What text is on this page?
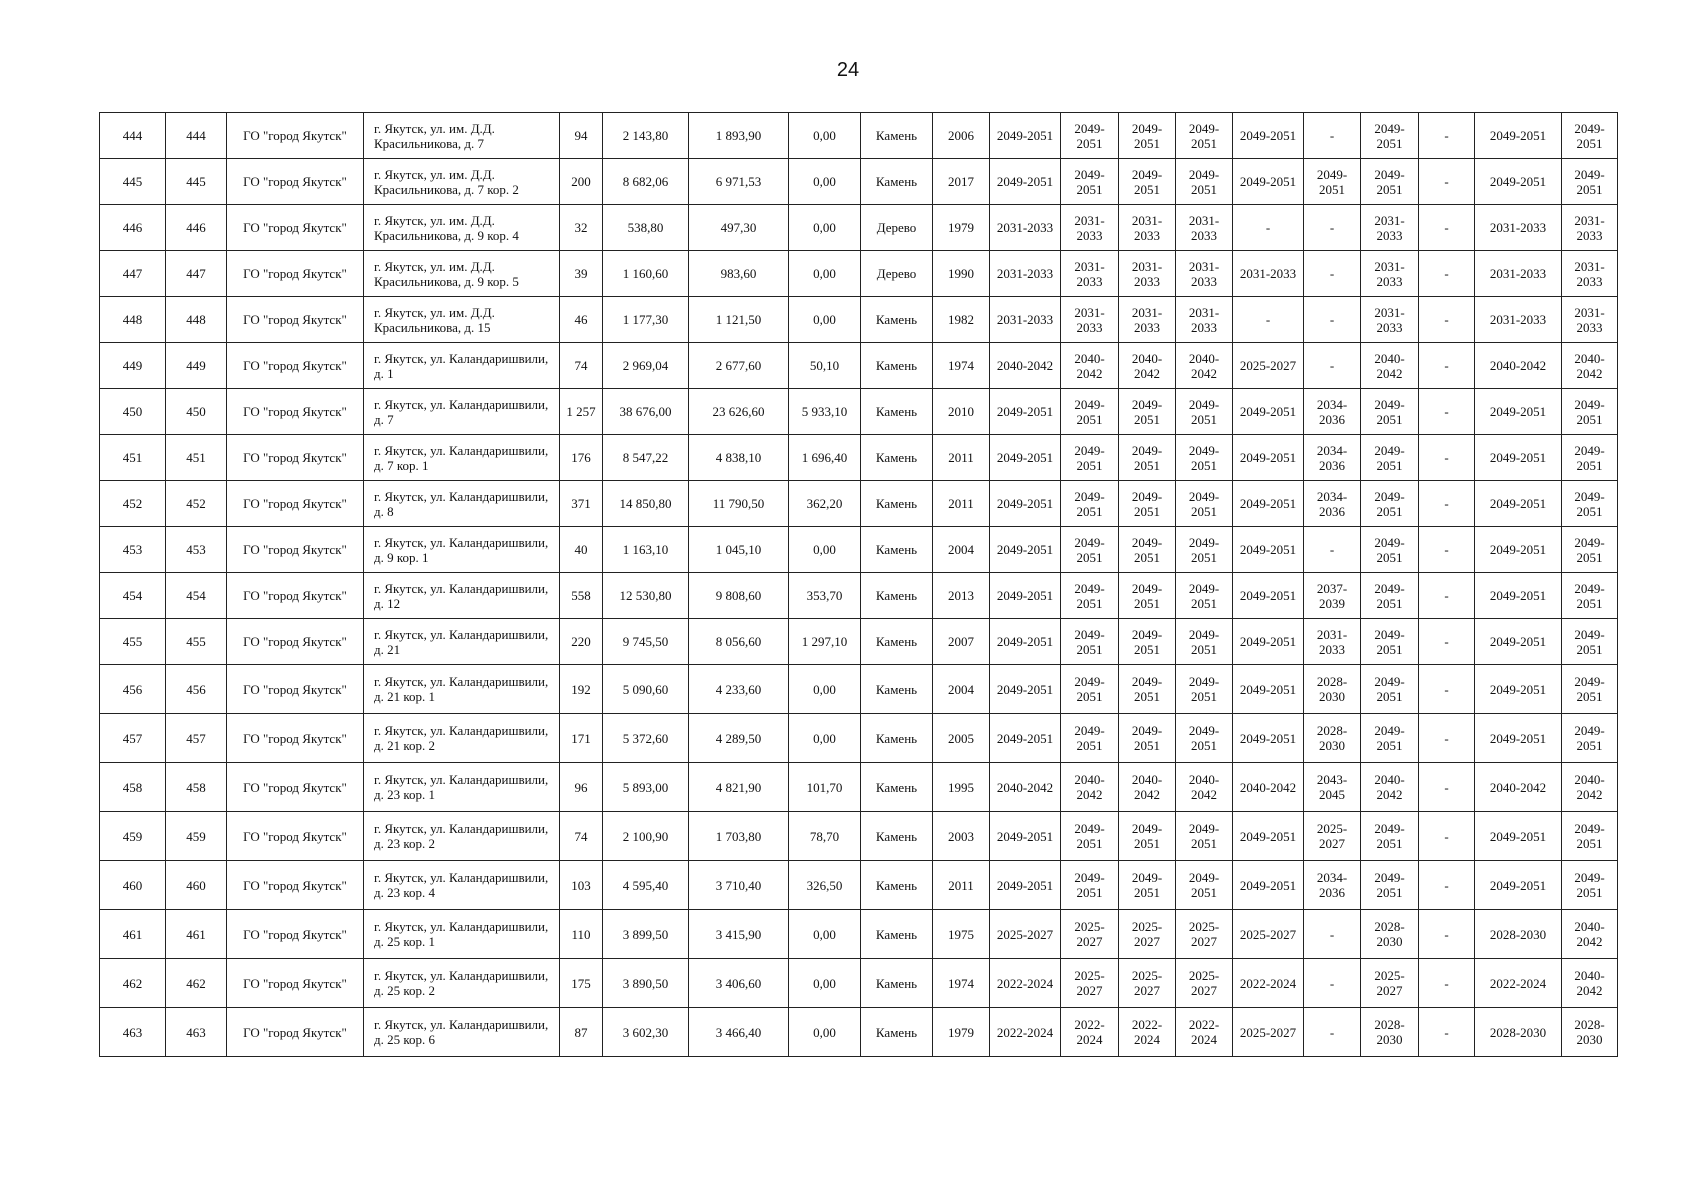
24
444	444	ГО "город Якутск"	г. Якутск, ул. им. Д.Д. Красильникова, д. 7	94	2 143,80	1 893,90	0,00	Камень	2006	2049-2051	2049-2051	2049-2051	2049-2051	2049-2051	-	2049-2051	-	2049-2051	2049-2051
445	445	ГО "город Якутск"	г. Якутск, ул. им. Д.Д. Красильникова, д. 7 кор. 2	200	8 682,06	6 971,53	0,00	Камень	2017	2049-2051	2049-2051	2049-2051	2049-2051	2049-2051	2049-2051	2049-2051	-	2049-2051	2049-2051
446	446	ГО "город Якутск"	г. Якутск, ул. им. Д.Д. Красильникова, д. 9 кор. 4	32	538,80	497,30	0,00	Дерево	1979	2031-2033	2031-2033	2031-2033	2031-2033	-	-	2031-2033	-	2031-2033	2031-2033
447	447	ГО "город Якутск"	г. Якутск, ул. им. Д.Д. Красильникова, д. 9 кор. 5	39	1 160,60	983,60	0,00	Дерево	1990	2031-2033	2031-2033	2031-2033	2031-2033	2031-2033	-	2031-2033	-	2031-2033	2031-2033
448	448	ГО "город Якутск"	г. Якутск, ул. им. Д.Д. Красильникова, д. 15	46	1 177,30	1 121,50	0,00	Камень	1982	2031-2033	2031-2033	2031-2033	2031-2033	-	-	2031-2033	-	2031-2033	2031-2033
449	449	ГО "город Якутск"	г. Якутск, ул. Каландаришвили, д. 1	74	2 969,04	2 677,60	50,10	Камень	1974	2040-2042	2040-2042	2040-2042	2040-2042	2025-2027	-	2040-2042	-	2040-2042	2040-2042
450	450	ГО "город Якутск"	г. Якутск, ул. Каландаришвили, д. 7	1 257	38 676,00	23 626,60	5 933,10	Камень	2010	2049-2051	2049-2051	2049-2051	2049-2051	2049-2051	2034-2036	2049-2051	-	2049-2051	2049-2051
451	451	ГО "город Якутск"	г. Якутск, ул. Каландаришвили, д. 7 кор. 1	176	8 547,22	4 838,10	1 696,40	Камень	2011	2049-2051	2049-2051	2049-2051	2049-2051	2049-2051	2034-2036	2049-2051	-	2049-2051	2049-2051
452	452	ГО "город Якутск"	г. Якутск, ул. Каландаришвили, д. 8	371	14 850,80	11 790,50	362,20	Камень	2011	2049-2051	2049-2051	2049-2051	2049-2051	2049-2051	2034-2036	2049-2051	-	2049-2051	2049-2051
453	453	ГО "город Якутск"	г. Якутск, ул. Каландаришвили, д. 9 кор. 1	40	1 163,10	1 045,10	0,00	Камень	2004	2049-2051	2049-2051	2049-2051	2049-2051	2049-2051	-	2049-2051	-	2049-2051	2049-2051
454	454	ГО "город Якутск"	г. Якутск, ул. Каландаришвили, д. 12	558	12 530,80	9 808,60	353,70	Камень	2013	2049-2051	2049-2051	2049-2051	2049-2051	2049-2051	2037-2039	2049-2051	-	2049-2051	2049-2051
455	455	ГО "город Якутск"	г. Якутск, ул. Каландаришвили, д. 21	220	9 745,50	8 056,60	1 297,10	Камень	2007	2049-2051	2049-2051	2049-2051	2049-2051	2049-2051	2031-2033	2049-2051	-	2049-2051	2049-2051
456	456	ГО "город Якутск"	г. Якутск, ул. Каландаришвили, д. 21 кор. 1	192	5 090,60	4 233,60	0,00	Камень	2004	2049-2051	2049-2051	2049-2051	2049-2051	2049-2051	2028-2030	2049-2051	-	2049-2051	2049-2051
457	457	ГО "город Якутск"	г. Якутск, ул. Каландаришвили, д. 21 кор. 2	171	5 372,60	4 289,50	0,00	Камень	2005	2049-2051	2049-2051	2049-2051	2049-2051	2049-2051	2028-2030	2049-2051	-	2049-2051	2049-2051
458	458	ГО "город Якутск"	г. Якутск, ул. Каландаришвили, д. 23 кор. 1	96	5 893,00	4 821,90	101,70	Камень	1995	2040-2042	2040-2042	2040-2042	2040-2042	2040-2042	2043-2045	2040-2042	-	2040-2042	2040-2042
459	459	ГО "город Якутск"	г. Якутск, ул. Каландаришвили, д. 23 кор. 2	74	2 100,90	1 703,80	78,70	Камень	2003	2049-2051	2049-2051	2049-2051	2049-2051	2049-2051	2025-2027	2049-2051	-	2049-2051	2049-2051
460	460	ГО "город Якутск"	г. Якутск, ул. Каландаришвили, д. 23 кор. 4	103	4 595,40	3 710,40	326,50	Камень	2011	2049-2051	2049-2051	2049-2051	2049-2051	2049-2051	2034-2036	2049-2051	-	2049-2051	2049-2051
461	461	ГО "город Якутск"	г. Якутск, ул. Каландаришвили, д. 25 кор. 1	110	3 899,50	3 415,90	0,00	Камень	1975	2025-2027	2025-2027	2025-2027	2025-2027	2025-2027	-	2028-2030	-	2028-2030	2040-2042
462	462	ГО "город Якутск"	г. Якутск, ул. Каландаришвили, д. 25 кор. 2	175	3 890,50	3 406,60	0,00	Камень	1974	2022-2024	2025-2027	2025-2027	2025-2027	2022-2024	-	2025-2027	-	2022-2024	2040-2042
463	463	ГО "город Якутск"	г. Якутск, ул. Каландаришвили, д. 25 кор. 6	87	3 602,30	3 466,40	0,00	Камень	1979	2022-2024	2022-2024	2022-2024	2022-2024	2025-2027	-	2028-2030	-	2028-2030	2028-2030
